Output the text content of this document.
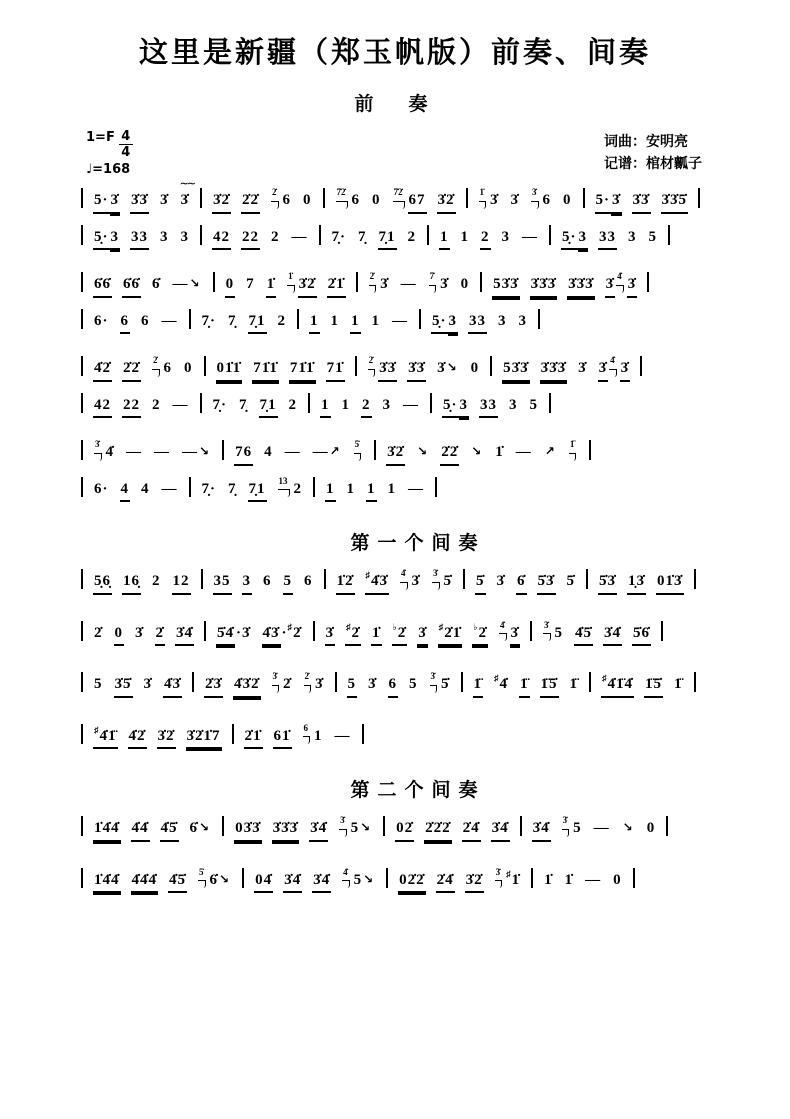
这里是新疆（郑玉帆版）前奏、间奏
前　奏
$1=F \frac{4}{4}$
♩=168
词曲：安明亮
记谱：棺材瓤子
5· 3̇ 3̇3̇ 3̇ 3̇
∼∼
3̇2̇ 2̇2̇ 2̇ 6 0	7̇2̇ 6 0 7̇2̇ 67 3̇2̇	1̇ 3̇ 3̇ 3̇ 6 0 5· 3̇ 3̇3̇ 3̇3̇5̇
5̣· 3 33 3 3 42 22 2 — 7̣· 7̣ 7̣1 2 1 1 2 3 — 5̣· 3 33 3 5
6̇6̇ 6̇6̇ 6̇ —↘ 0 7 1̇ 1̇ 3̇2̇ 2̇1̇	2̇ 3̇ — 7̇ 3̇ 0 53̇3̇ 3̇3̇3̇ 3̇3̇3̇ 3̇ 4̇ 3̇
6· 6 6 — 7̣· 7̣ 7̣1 2 1 1 1 1 — 5̣· 3 33 3 3
4̇2̇ 2̇2̇ 2̇ 6 0 01̇1̇ 71̇1̇ 71̇1̇ 71̇	2̇ 3̇3̇ 3̇3̇ 3̇↘ 0 53̇3̇ 3̇3̇3̇ 3̇ 3̇ 4̇ 3̇
42 22 2 — 7̣· 7̣ 7̣1 2 1 1 2 3 — 5̣· 3 33 3 5
3̇ 4̇ — — —↘ 76 4 — —↗ 5̇ 3̇2̇ ↘ 2̇2̇ ↘ 1̇ — ↗ 1̈
6· 4 4 — 7̣· 7̣ 7̣1 13 2 1 1 1 1 —
第一个间奏
5̣6̣ 16̣ 2 12 35 3 6 5 6 1̇2̇ ♯4̇3̇ 4̇ 3̇ 3̇ 5̇ 5̇ 3̇ 6̇ 5̇3̇ 5̇ 5̇3̇ 1̣3̇ 01̇3̇
2̇ 0 3̇ 2̇ 3̇4̇ 5̇4̇ ·3̇ 4̇3̇ ·♯2̇ 3̇ ♯2̇ 1̇ ♭2̇ 3̇ ♯2̇1̇ ♭2̇ 4̇ 3̇	3̇ 5 4̇5̇ 3̇4̇ 5̇6̇
5 3̇5̇ 3̇ 4̇3̇ 2̇3̇ 4̇3̇2̇ 3̇ 2̇ 2̇ 3̇ 5 3̇ 6 5 3̇ 5̇ 1̈ ♯4̇ 1̈ 1̈5̇ 1̈	♯4̇1̈4̇ 1̈5̇ 1̈
♯4̇1̈ 4̇2̇ 3̇2̇ 3̇2̇1̇7 2̇1̇ 61̇ 6 1 —
第二个间奏
1̇4̇4̇ 4̇4̇ 4̇5̇ 6̇↘ 03̇3̇ 3̇3̇3̇ 3̇4̇ 3̇ 5↘ 02̇ 2̇2̇2̇ 2̇4̇ 3̇4̇ 3̇4̇ 3̇ 5 — ↘ 0
1̇4̇4̇ 4̇4̇4̇ 4̇5̇ 5̇ 6̇↘ 04̇ 3̇4̇ 3̇4̇ 4̇ 5↘ 02̇2̇ 2̇4̇ 3̇2̇ 3̇ ♯1̇ 1̇ 1̇ — 0
